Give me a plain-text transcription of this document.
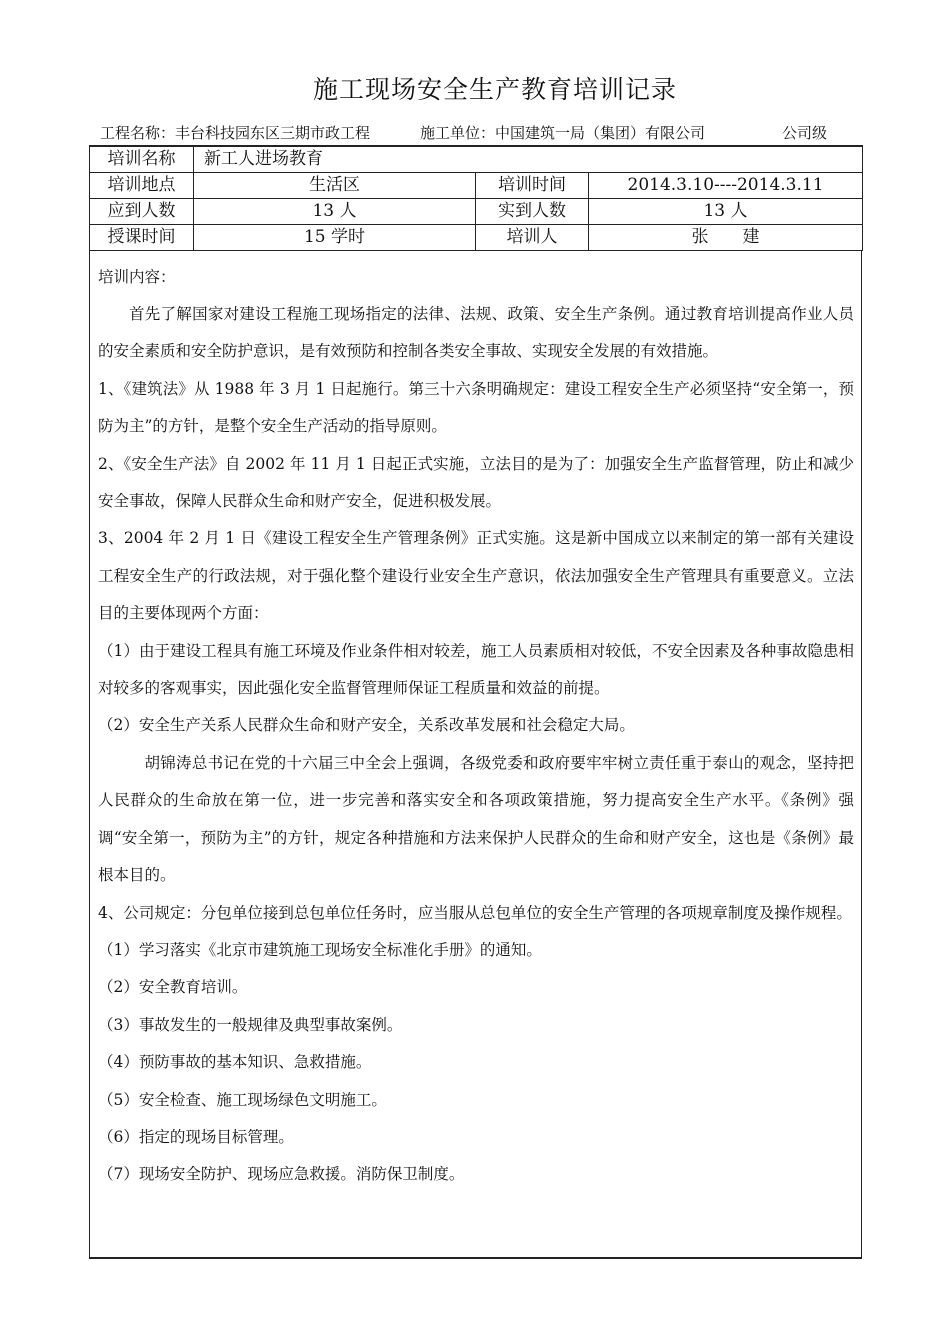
施工现场安全生产教育培训记录
工程名称：丰台科技园东区三期市政工程	施工单位：中国建筑一局（集团）有限公司	公司级
培训名称	新工人进场教育		
培训地点	生活区	培训时间	2014.3.10----2014.3.11
应到人数	13 人	实到人数	13 人
授课时间	15 学时	培训人	张　　建

培训内容：

首先了解国家对建设工程施工现场指定的法律、法规、政策、安全生产条例。通过教育培训提高作业人员的安全素质和安全防护意识，是有效预防和控制各类安全事故、实现安全发展的有效措施。

1、《建筑法》从 1988 年 3 月 1 日起施行。第三十六条明确规定：建设工程安全生产必须坚持“安全第一，预防为主”的方针，是整个安全生产活动的指导原则。

2、《安全生产法》自 2002 年 11 月 1 日起正式实施，立法目的是为了：加强安全生产监督管理，防止和减少安全事故，保障人民群众生命和财产安全，促进积极发展。

3、2004 年 2 月 1 日《建设工程安全生产管理条例》正式实施。这是新中国成立以来制定的第一部有关建设工程安全生产的行政法规，对于强化整个建设行业安全生产意识，依法加强安全生产管理具有重要意义。立法目的主要体现两个方面：

（1）由于建设工程具有施工环境及作业条件相对较差，施工人员素质相对较低，不安全因素及各种事故隐患相对较多的客观事实，因此强化安全监督管理师保证工程质量和效益的前提。

（2）安全生产关系人民群众生命和财产安全，关系改革发展和社会稳定大局。

胡锦涛总书记在党的十六届三中全会上强调，各级党委和政府要牢牢树立责任重于泰山的观念，坚持把人民群众的生命放在第一位，进一步完善和落实安全和各项政策措施，努力提高安全生产水平。《条例》强调“安全第一，预防为主”的方针，规定各种措施和方法来保护人民群众的生命和财产安全，这也是《条例》最根本目的。

4、公司规定：分包单位接到总包单位任务时，应当服从总包单位的安全生产管理的各项规章制度及操作规程。

（1）学习落实《北京市建筑施工现场安全标准化手册》的通知。

（2）安全教育培训。

（3）事故发生的一般规律及典型事故案例。

（4）预防事故的基本知识、急救措施。

（5）安全检查、施工现场绿色文明施工。

（6）指定的现场目标管理。

（7）现场安全防护、现场应急救援。消防保卫制度。
